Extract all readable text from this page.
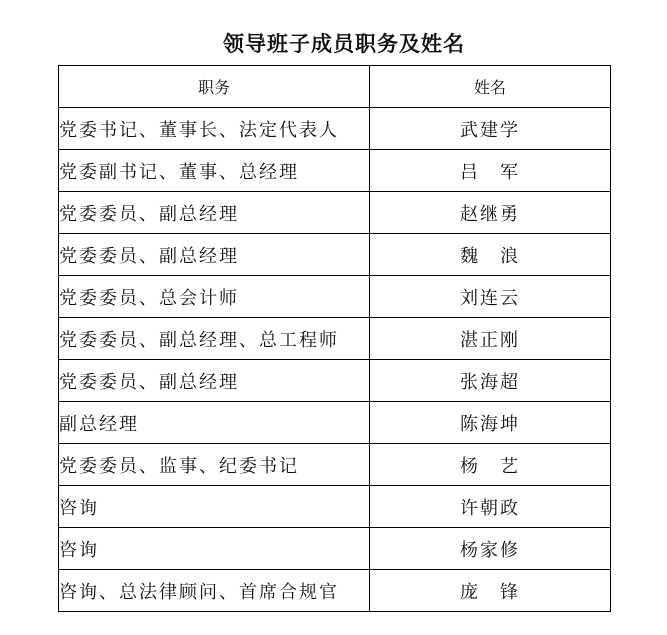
领导班子成员职务及姓名
职务	姓名
党委书记、董事长、法定代表人	武建学
党委副书记、董事、总经理	吕　军
党委委员、副总经理	赵继勇
党委委员、副总经理	魏　浪
党委委员、总会计师	刘连云
党委委员、副总经理、总工程师	湛正刚
党委委员、副总经理	张海超
副总经理	陈海坤
党委委员、监事、纪委书记	杨　艺
咨询	许朝政
咨询	杨家修
咨询、总法律顾问、首席合规官	庞　锋
